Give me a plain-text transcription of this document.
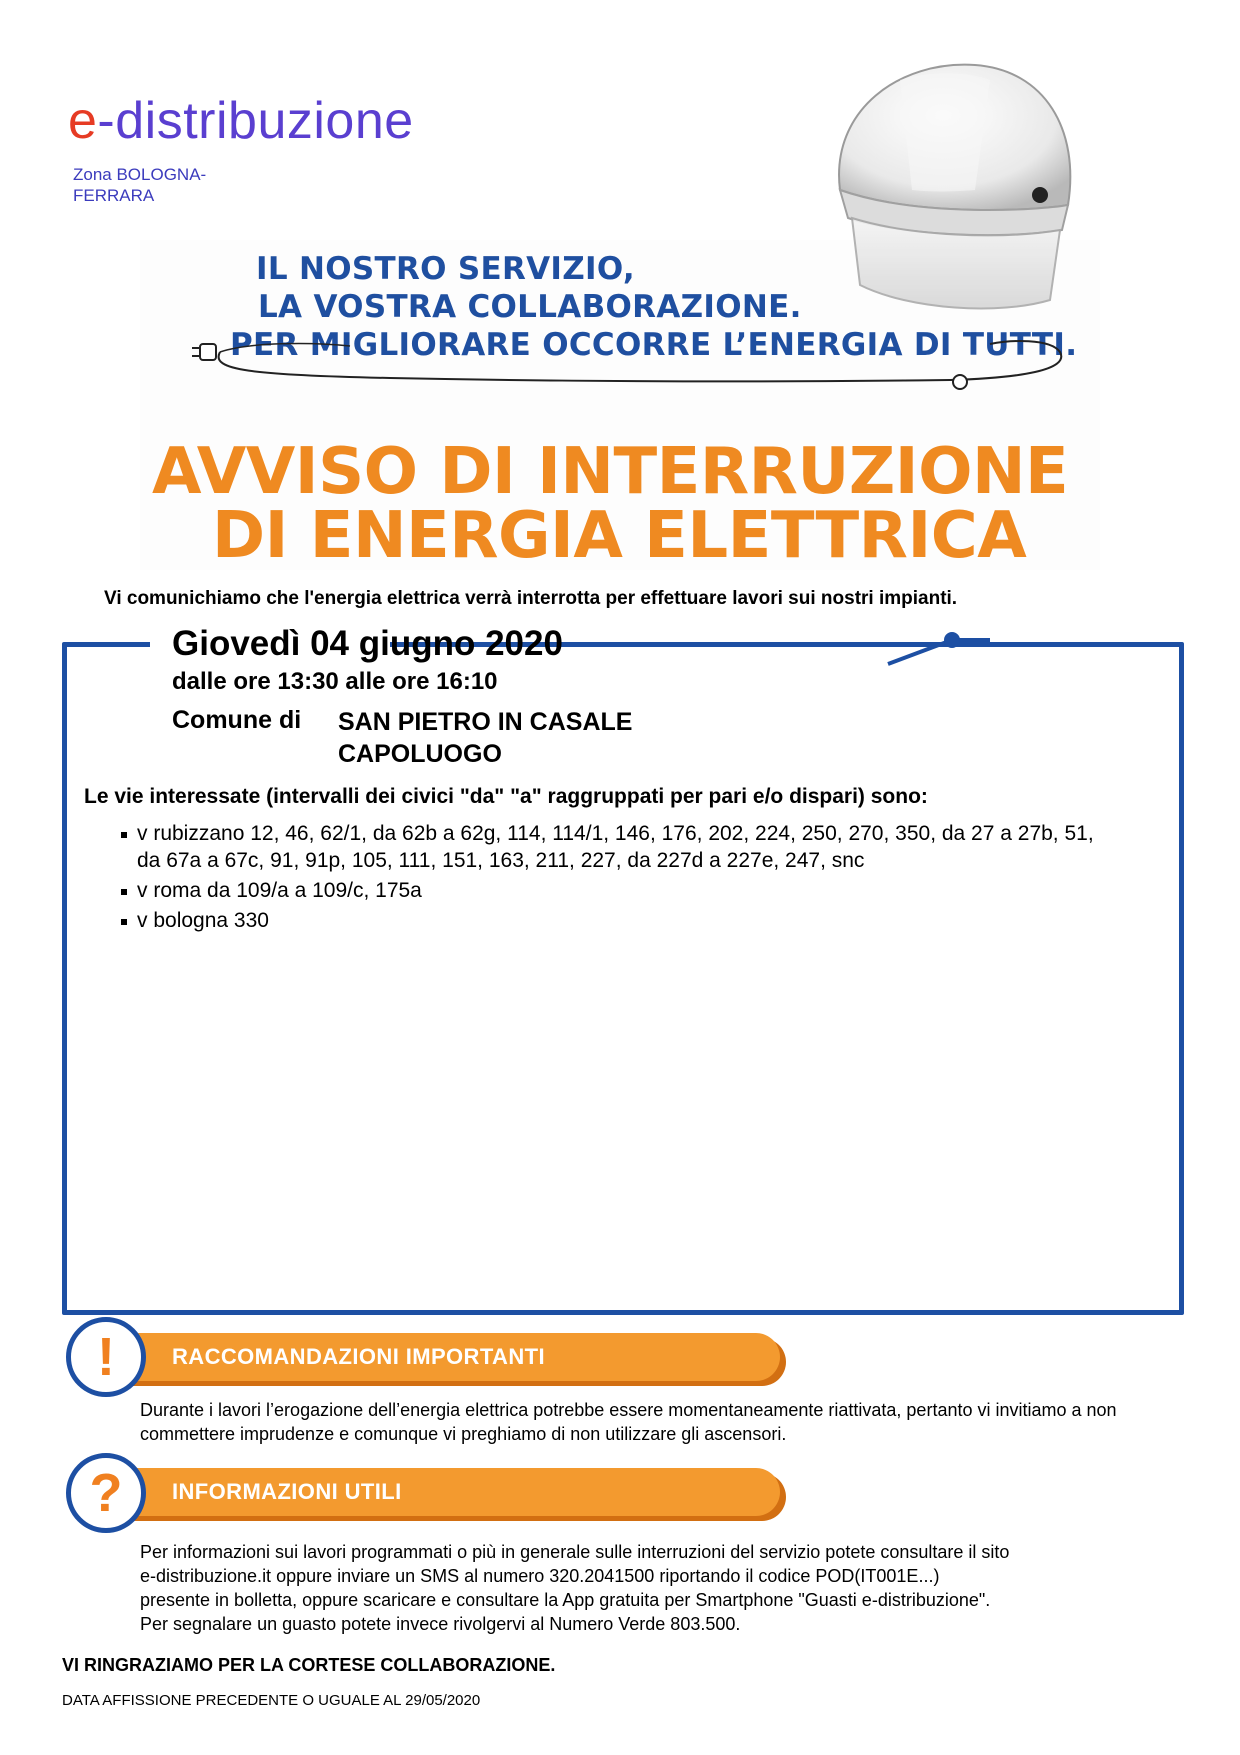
e-distribuzione
Zona BOLOGNA-
FERRARA
IL NOSTRO SERVIZIO,
LA VOSTRA COLLABORAZIONE.
PER MIGLIORARE OCCORRE L’ENERGIA DI TUTTI.
AVVISO DI INTERRUZIONE
DI ENERGIA ELETTRICA
Vi comunichiamo che l'energia elettrica verrà interrotta per effettuare lavori sui nostri impianti.
Giovedì 04 giugno 2020
dalle ore 13:30 alle ore 16:10
Comune di SAN PIETRO IN CASALE
CAPOLUOGO
Le vie interessate (intervalli dei civici "da" "a" raggruppati per pari e/o dispari) sono:
v rubizzano 12, 46, 62/1, da 62b a 62g, 114, 114/1, 146, 176, 202, 224, 250, 270, 350, da 27 a 27b, 51, da 67a a 67c, 91, 91p, 105, 111, 151, 163, 211, 227, da 227d a 227e, 247, snc
v roma da 109/a a 109/c, 175a
v bologna 330
RACCOMANDAZIONI IMPORTANTI
!
Durante i lavori l’erogazione dell’energia elettrica potrebbe essere momentaneamente riattivata, pertanto vi invitiamo a non commettere imprudenze e comunque vi preghiamo di non utilizzare gli ascensori.
INFORMAZIONI UTILI
?
Per informazioni sui lavori programmati o più in generale sulle interruzioni del servizio potete consultare il sito
e-distribuzione.it oppure inviare un SMS al numero 320.2041500 riportando il codice POD(IT001E...)
presente in bolletta, oppure scaricare e consultare la App gratuita per Smartphone "Guasti e-distribuzione".
Per segnalare un guasto potete invece rivolgervi al Numero Verde 803.500.
VI RINGRAZIAMO PER LA CORTESE COLLABORAZIONE.
DATA AFFISSIONE PRECEDENTE O UGUALE AL 29/05/2020
